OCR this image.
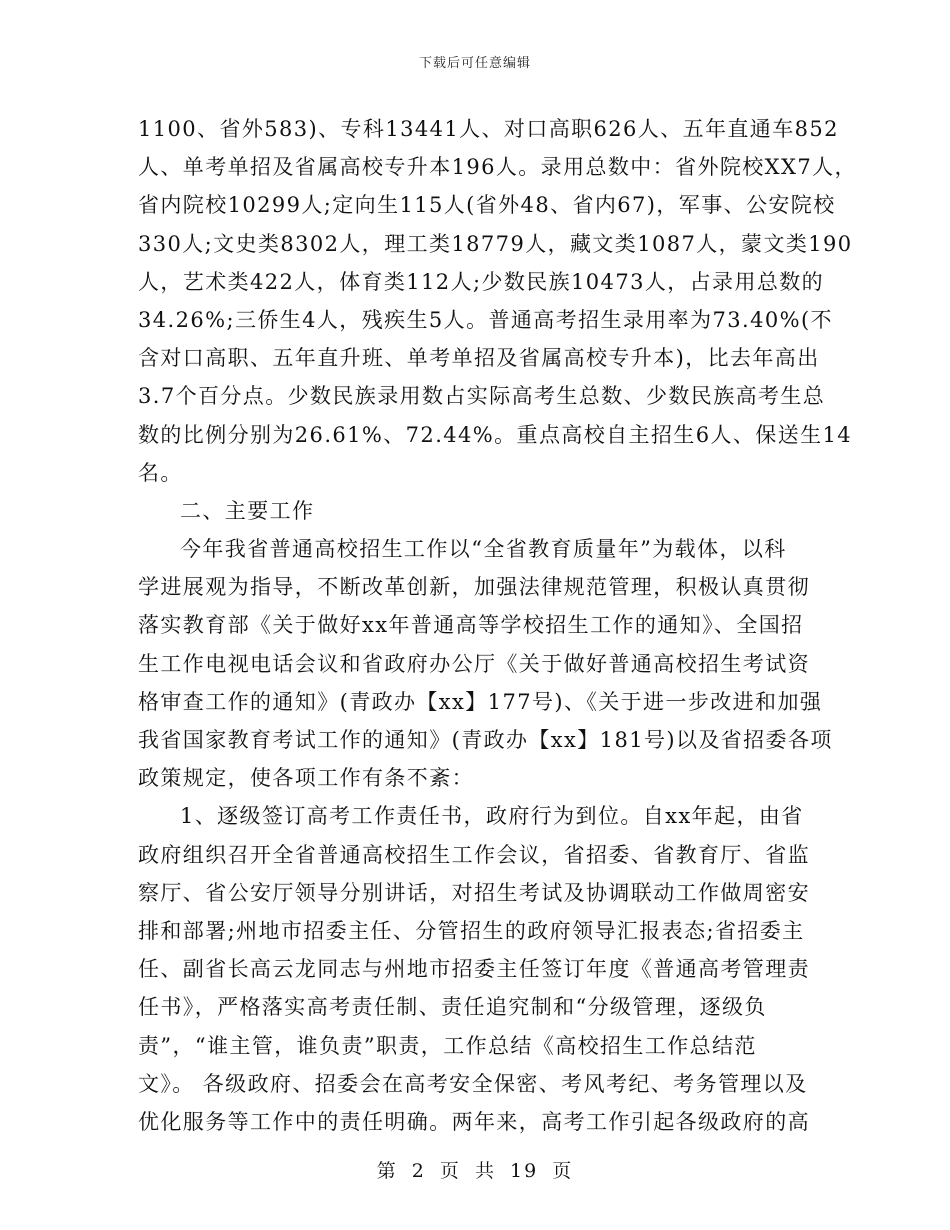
下载后可任意编辑
1100、省外583)、专科13441人、对口高职626人、五年直通车852
人、单考单招及省属高校专升本196人。录用总数中：省外院校XX7人，
省内院校10299人;定向生115人(省外48、省内67)，军事、公安院校
330人;文史类8302人，理工类18779人，藏文类1087人，蒙文类190
人，艺术类422人，体育类112人;少数民族10473人，占录用总数的
34.26%;三侨生4人，残疾生5人。普通高考招生录用率为73.40%(不
含对口高职、五年直升班、单考单招及省属高校专升本)，比去年高出
3.7个百分点。少数民族录用数占实际高考生总数、少数民族高考生总
数的比例分别为26.61%、72.44%。重点高校自主招生6人、保送生14
名。
二、主要工作
今年我省普通高校招生工作以“全省教育质量年”为载体，以科
学进展观为指导，不断改革创新，加强法律规范管理，积极认真贯彻
落实教育部《关于做好xx年普通高等学校招生工作的通知》、全国招
生工作电视电话会议和省政府办公厅《关于做好普通高校招生考试资
格审查工作的通知》(青政办【xx】177号)、《关于进一步改进和加强
我省国家教育考试工作的通知》(青政办【xx】181号)以及省招委各项
政策规定，使各项工作有条不紊：
1、逐级签订高考工作责任书，政府行为到位。自xx年起，由省
政府组织召开全省普通高校招生工作会议，省招委、省教育厅、省监
察厅、省公安厅领导分别讲话，对招生考试及协调联动工作做周密安
排和部署;州地市招委主任、分管招生的政府领导汇报表态;省招委主
任、副省长高云龙同志与州地市招委主任签订年度《普通高考管理责
任书》，严格落实高考责任制、责任追究制和“分级管理，逐级负
责”，“谁主管，谁负责”职责，工作总结《高校招生工作总结范
文》。 各级政府、招委会在高考安全保密、考风考纪、考务管理以及
优化服务等工作中的责任明确。两年来，高考工作引起各级政府的高
第 2 页 共 19 页
